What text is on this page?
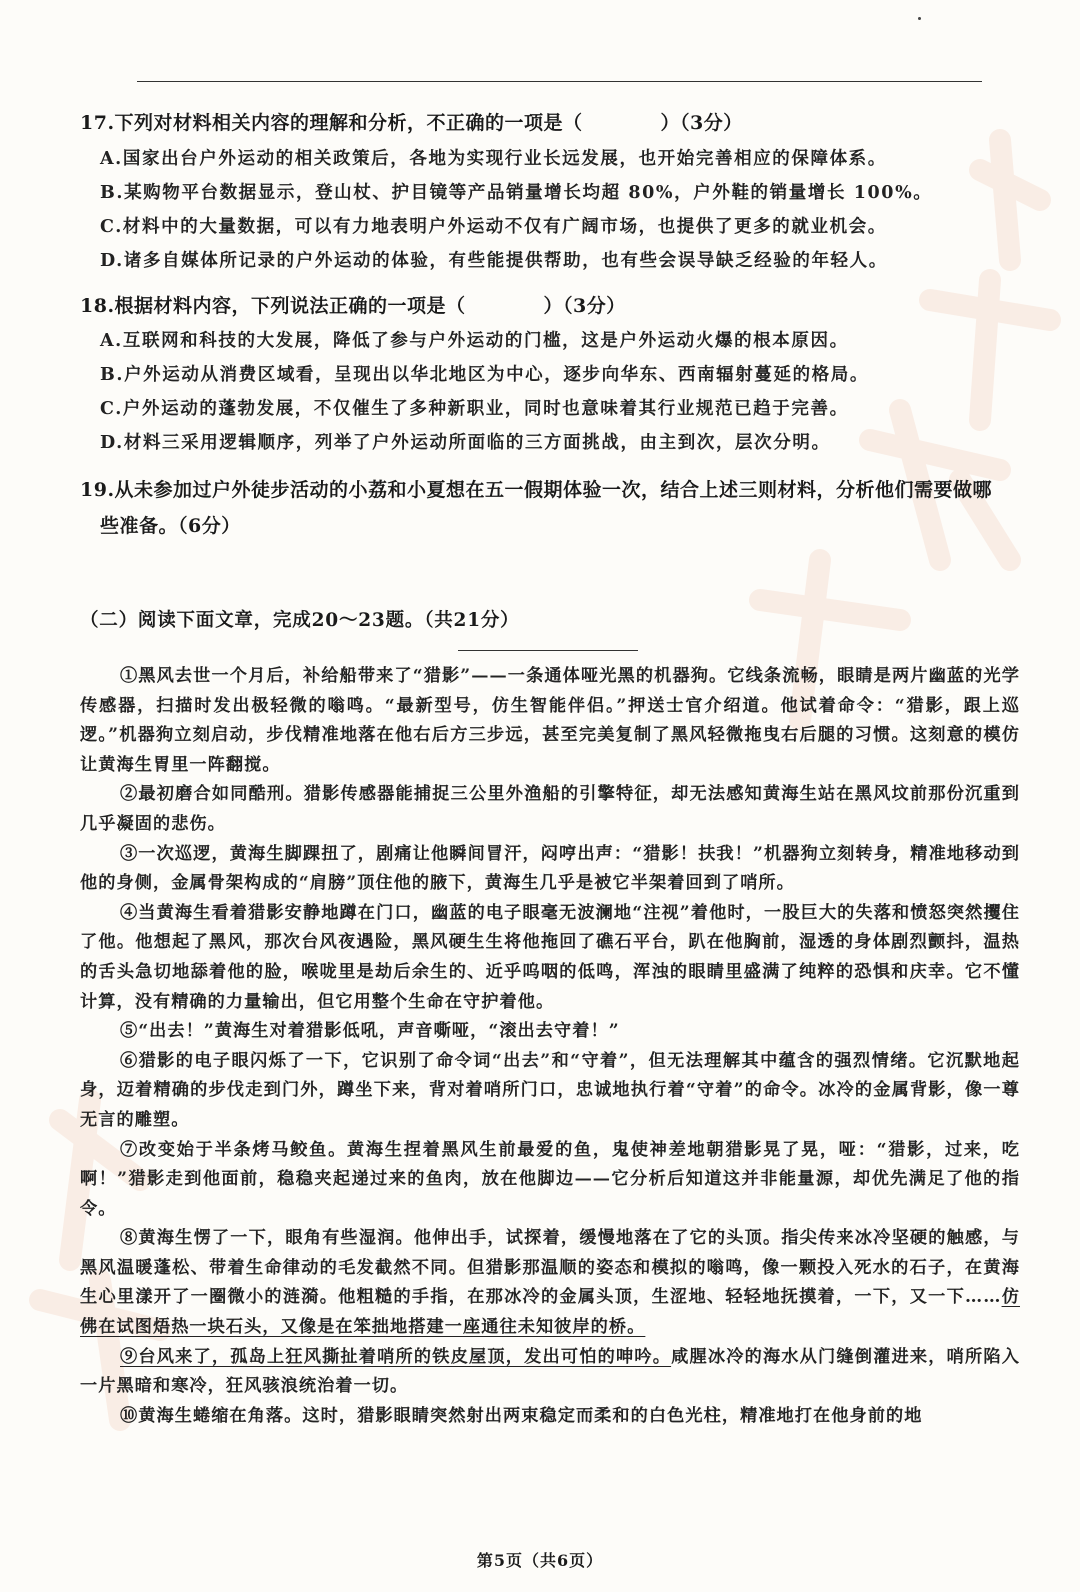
17.下列对材料相关内容的理解和分析，不正确的一项是（　　　　）（3分）
A.国家出台户外运动的相关政策后，各地为实现行业长远发展，也开始完善相应的保障体系。
B.某购物平台数据显示，登山杖、护目镜等产品销量增长均超 80%，户外鞋的销量增长 100%。
C.材料中的大量数据，可以有力地表明户外运动不仅有广阔市场，也提供了更多的就业机会。
D.诸多自媒体所记录的户外运动的体验，有些能提供帮助，也有些会误导缺乏经验的年轻人。
18.根据材料内容，下列说法正确的一项是（　　　　）（3分）
A.互联网和科技的大发展，降低了参与户外运动的门槛，这是户外运动火爆的根本原因。
B.户外运动从消费区域看，呈现出以华北地区为中心，逐步向华东、西南辐射蔓延的格局。
C.户外运动的蓬勃发展，不仅催生了多种新职业，同时也意味着其行业规范已趋于完善。
D.材料三采用逻辑顺序，列举了户外运动所面临的三方面挑战，由主到次，层次分明。
19.从未参加过户外徒步活动的小荔和小夏想在五一假期体验一次，结合上述三则材料，分析他们需要做哪
些准备。（6分）
（二）阅读下面文章，完成20～23题。（共21分）

①黑风去世一个月后，补给船带来了“猎影”——一条通体哑光黑的机器狗。它线条流畅，眼睛是两片幽蓝的光学传感器，扫描时发出极轻微的嗡鸣。“最新型号，仿生智能伴侣。”押送士官介绍道。他试着命令：“猎影，跟上巡逻。”机器狗立刻启动，步伐精准地落在他右后方三步远，甚至完美复制了黑风轻微拖曳右后腿的习惯。这刻意的模仿让黄海生胃里一阵翻搅。

②最初磨合如同酷刑。猎影传感器能捕捉三公里外渔船的引擎特征，却无法感知黄海生站在黑风坟前那份沉重到几乎凝固的悲伤。

③一次巡逻，黄海生脚踝扭了，剧痛让他瞬间冒汗，闷哼出声：“猎影！扶我！”机器狗立刻转身，精准地移动到他的身侧，金属骨架构成的“肩膀”顶住他的腋下，黄海生几乎是被它半架着回到了哨所。

④当黄海生看着猎影安静地蹲在门口，幽蓝的电子眼毫无波澜地“注视”着他时，一股巨大的失落和愤怒突然攫住了他。他想起了黑风，那次台风夜遇险，黑风硬生生将他拖回了礁石平台，趴在他胸前，湿透的身体剧烈颤抖，温热的舌头急切地舔着他的脸，喉咙里是劫后余生的、近乎呜咽的低鸣，浑浊的眼睛里盛满了纯粹的恐惧和庆幸。它不懂计算，没有精确的力量输出，但它用整个生命在守护着他。

⑤“出去！”黄海生对着猎影低吼，声音嘶哑，“滚出去守着！”

⑥猎影的电子眼闪烁了一下，它识别了命令词“出去”和“守着”，但无法理解其中蕴含的强烈情绪。它沉默地起身，迈着精确的步伐走到门外，蹲坐下来，背对着哨所门口，忠诚地执行着“守着”的命令。冰冷的金属背影，像一尊无言的雕塑。

⑦改变始于半条烤马鲛鱼。黄海生捏着黑风生前最爱的鱼，鬼使神差地朝猎影晃了晃，哑：“猎影，过来，吃啊！”猎影走到他面前，稳稳夹起递过来的鱼肉，放在他脚边——它分析后知道这并非能量源，却优先满足了他的指令。

⑧黄海生愣了一下，眼角有些湿润。他伸出手，试探着，缓慢地落在了它的头顶。指尖传来冰冷坚硬的触感，与黑风温暖蓬松、带着生命律动的毛发截然不同。但猎影那温顺的姿态和模拟的嗡鸣，像一颗投入死水的石子，在黄海生心里漾开了一圈微小的涟漪。他粗糙的手指，在那冰冷的金属头顶，生涩地、轻轻地抚摸着，一下，又一下……仿佛在试图焐热一块石头，又像是在笨拙地搭建一座通往未知彼岸的桥。

⑨台风来了，孤岛上狂风撕扯着哨所的铁皮屋顶，发出可怕的呻吟。咸腥冰冷的海水从门缝倒灌进来，哨所陷入一片黑暗和寒冷，狂风骇浪统治着一切。

⑩黄海生蜷缩在角落。这时，猎影眼睛突然射出两束稳定而柔和的白色光柱，精准地打在他身前的地

第5页（共6页）
